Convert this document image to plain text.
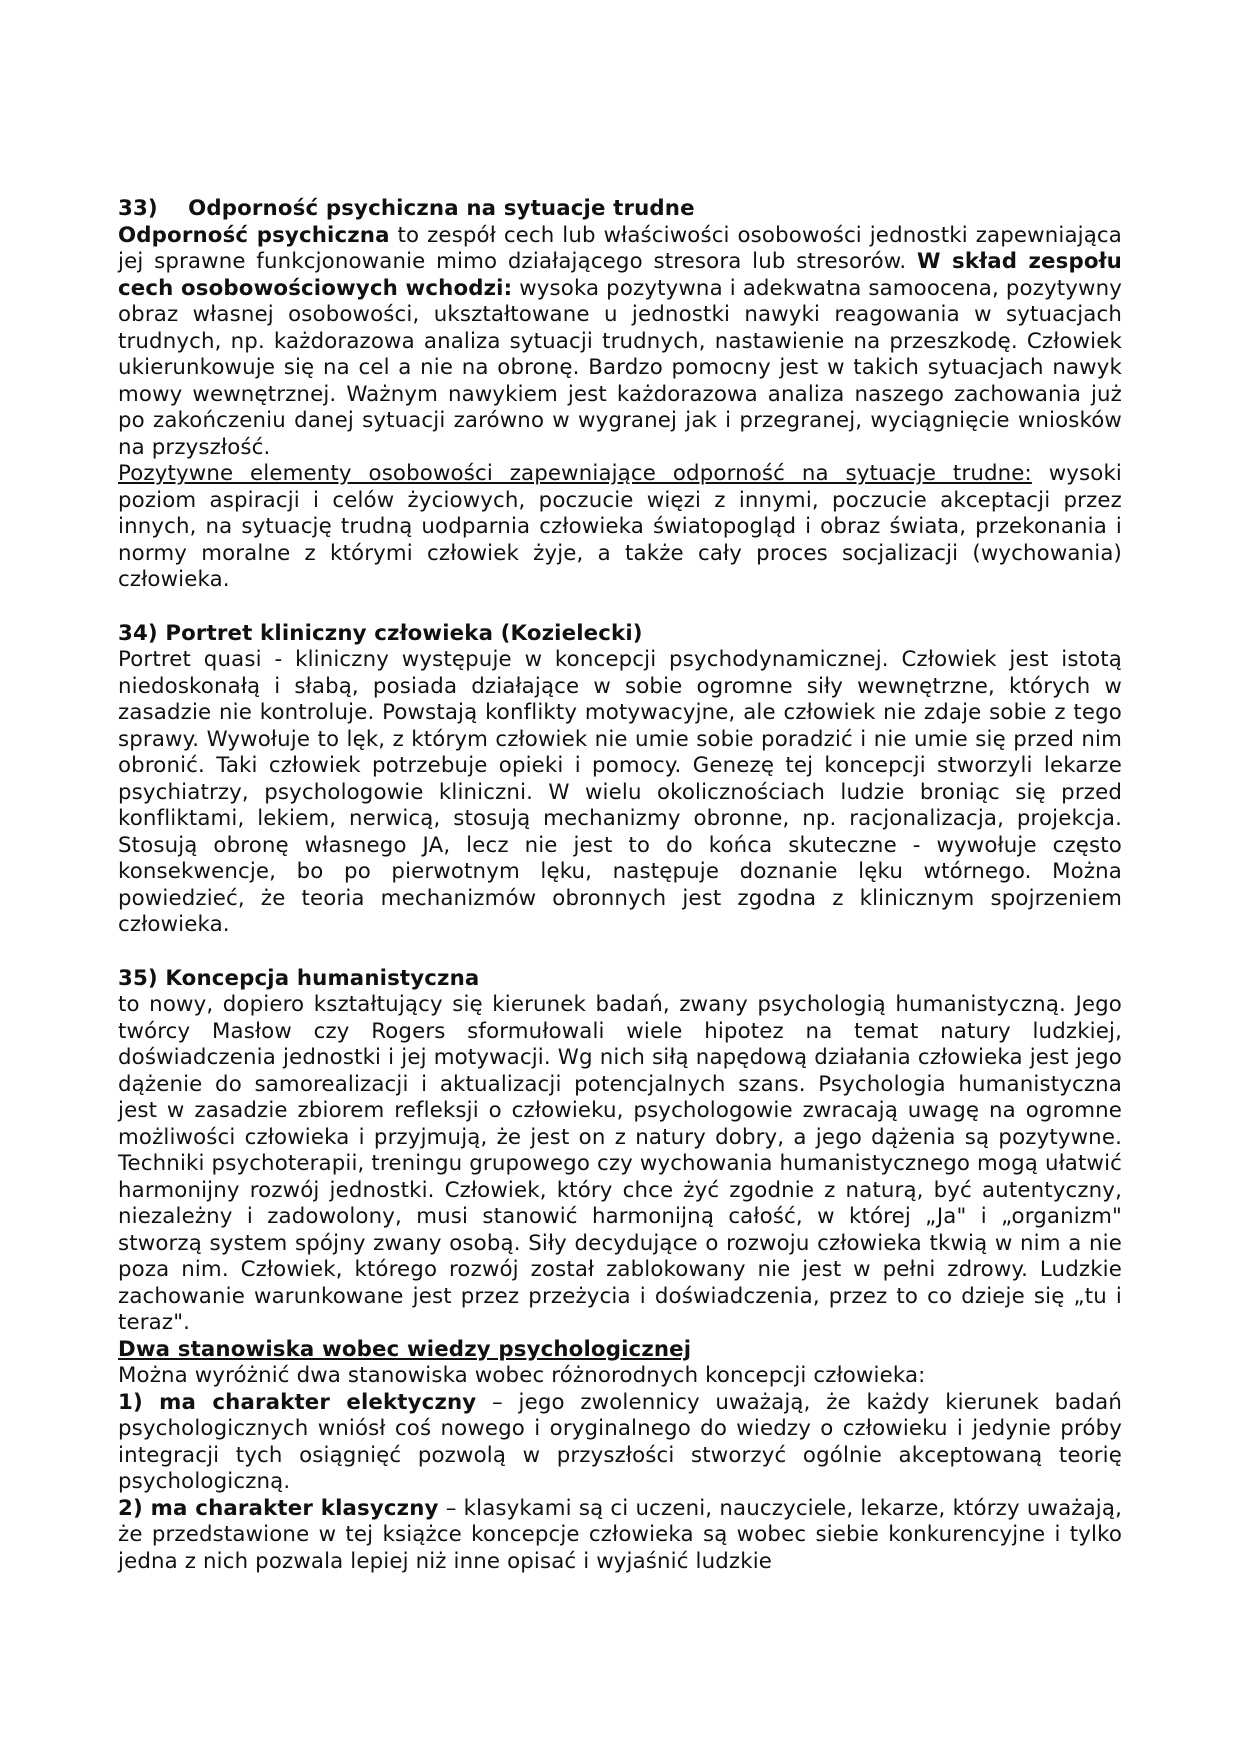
33)    Odporność psychiczna na sytuacje trudne

Odporność psychiczna to zespół cech lub właściwości osobowości jednostki zapewniająca jej sprawne funkcjonowanie mimo działającego stresora lub stresorów. W skład zespołu cech osobowościowych wchodzi: wysoka pozytywna i adekwatna samoocena, pozytywny obraz własnej osobowości, ukształtowane u jednostki nawyki reagowania w sytuacjach trudnych, np. każdorazowa analiza sytuacji trudnych, nastawienie na przeszkodę. Człowiek ukierunkowuje się na cel a nie na obronę. Bardzo pomocny jest w takich sytuacjach nawyk mowy wewnętrznej. Ważnym nawykiem jest każdorazowa analiza naszego zachowania już po zakończeniu danej sytuacji zarówno w wygranej jak i przegranej, wyciągnięcie wniosków na przyszłość.

Pozytywne elementy osobowości zapewniające odporność na sytuacje trudne: wysoki poziom aspiracji i celów życiowych, poczucie więzi z innymi, poczucie akceptacji przez innych, na sytuację trudną uodparnia człowieka światopogląd i obraz świata, przekonania i normy moralne z którymi człowiek żyje, a także cały proces socjalizacji (wychowania) człowieka.

34) Portret kliniczny człowieka (Kozielecki)

Portret quasi - kliniczny występuje w koncepcji psychodynamicznej. Człowiek jest istotą niedoskonałą i słabą, posiada działające w sobie ogromne siły wewnętrzne, których w zasadzie nie kontroluje. Powstają konflikty motywacyjne, ale człowiek nie zdaje sobie z tego sprawy. Wywołuje to lęk, z którym człowiek nie umie sobie poradzić i nie umie się przed nim obronić. Taki człowiek potrzebuje opieki i pomocy. Genezę tej koncepcji stworzyli lekarze psychiatrzy, psychologowie kliniczni. W wielu okolicznościach ludzie broniąc się przed konfliktami, lekiem, nerwicą, stosują mechanizmy obronne, np. racjonalizacja, projekcja. Stosują obronę własnego JA, lecz nie jest to do końca skuteczne - wywołuje często konsekwencje, bo po pierwotnym lęku, następuje doznanie lęku wtórnego. Można powiedzieć, że teoria mechanizmów obronnych jest zgodna z klinicznym spojrzeniem człowieka.

35) Koncepcja humanistyczna

to nowy, dopiero kształtujący się kierunek badań, zwany psychologią humanistyczną. Jego twórcy Masłow czy Rogers sformułowali wiele hipotez na temat natury ludzkiej, doświadczenia jednostki i jej motywacji. Wg nich siłą napędową działania człowieka jest jego dążenie do samorealizacji i aktualizacji potencjalnych szans. Psychologia humanistyczna jest w zasadzie zbiorem refleksji o człowieku, psychologowie zwracają uwagę na ogromne możliwości człowieka i przyjmują, że jest on z natury dobry, a jego dążenia są pozytywne. Techniki psychoterapii, treningu grupowego czy wychowania humanistycznego mogą ułatwić harmonijny rozwój jednostki. Człowiek, który chce żyć zgodnie z naturą, być autentyczny, niezależny i zadowolony, musi stanowić harmonijną całość, w której „Ja" i „organizm" stworzą system spójny zwany osobą. Siły decydujące o rozwoju człowieka tkwią w nim a nie poza nim. Człowiek, którego rozwój został zablokowany nie jest w pełni zdrowy. Ludzkie zachowanie warunkowane jest przez przeżycia i doświadczenia, przez to co dzieje się „tu i teraz".

Dwa stanowiska wobec wiedzy psychologicznej

Można wyróżnić dwa stanowiska wobec różnorodnych koncepcji człowieka:

1) ma charakter elektyczny – jego zwolennicy uważają, że każdy kierunek badań psychologicznych wniósł coś nowego i oryginalnego do wiedzy o człowieku i jedynie próby integracji tych osiągnięć pozwolą w przyszłości stworzyć ogólnie akceptowaną teorię psychologiczną.

2) ma charakter klasyczny – klasykami są ci uczeni, nauczyciele, lekarze, którzy uważają, że przedstawione w tej książce koncepcje człowieka są wobec siebie konkurencyjne i tylko jedna z nich pozwala lepiej niż inne opisać i wyjaśnić ludzkie
